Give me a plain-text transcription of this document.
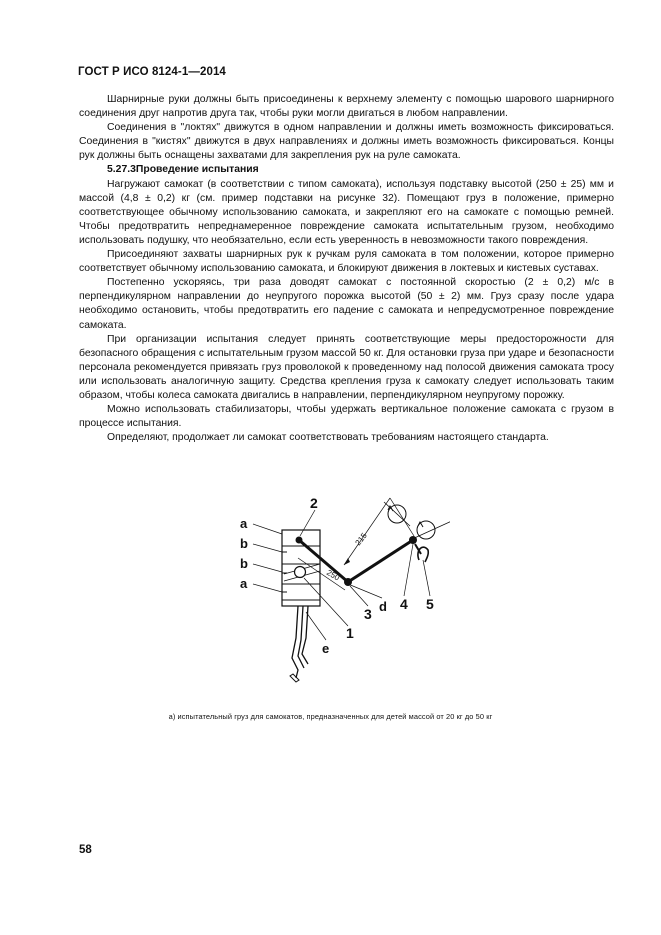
ГОСТ Р ИСО 8124-1—2014

Шарнирные руки должны быть присоединены к верхнему элементу с помощью шарового шарнирного соединения друг напротив друга так, чтобы руки могли двигаться в любом направлении.

Соединения в "локтях" движутся в одном направлении и должны иметь возможность фиксироваться. Соединения в "кистях" движутся в двух направлениях и должны иметь возможность фиксироваться. Концы рук должны быть оснащены захватами для закрепления рук на руле самоката.

5.27.3Проведение испытания

Нагружают самокат (в соответствии с типом самоката), используя подставку высотой (250 ± 25) мм и массой (4,8 ± 0,2) кг (см. пример подставки на рисунке 32). Помещают груз в положение, примерно соответствующее обычному использованию самоката, и закрепляют его на самокате с помощью ремней. Чтобы предотвратить непреднамеренное повреждение самоката испытательным грузом, необходимо использовать подушку, что необязательно, если есть уверенность в невозможности такого повреждения.

Присоединяют захваты шарнирных рук к ручкам руля самоката в том положении, которое примерно соответствует обычному использованию самоката, и блокируют движения в локтевых и кистевых суставах.

Постепенно ускоряясь, три раза доводят самокат с постоянной скоростью (2 ± 0,2) м/с в перпендикулярном направлении до неупругого порожка высотой (50 ± 2) мм. Груз сразу после удара необходимо остановить, чтобы предотвратить его падение с самоката и непредусмотренное повреждение самоката.

При организации испытания следует принять соответствующие меры предосторожности для безопасного обращения с испытательным грузом массой 50 кг. Для остановки груза при ударе и безопасности персонала рекомендуется привязать груз проволокой к проведенному над полосой движения самоката тросу или использовать аналогичную защиту. Средства крепления груза к самокату следует использовать таким образом, чтобы колеса самоката двигались в направлении, перпендикулярном неупругому порожку.

Можно использовать стабилизаторы, чтобы удержать вертикальное положение самоката с грузом в процессе испытания.

Определяют, продолжает ли самокат соответствовать требованиям настоящего стандарта.

215
250
a
b
b
a
2
1
e
3 d 4 5
а) испытательный груз для самокатов, предназначенных для детей массой от 20 кг до 50 кг
58
